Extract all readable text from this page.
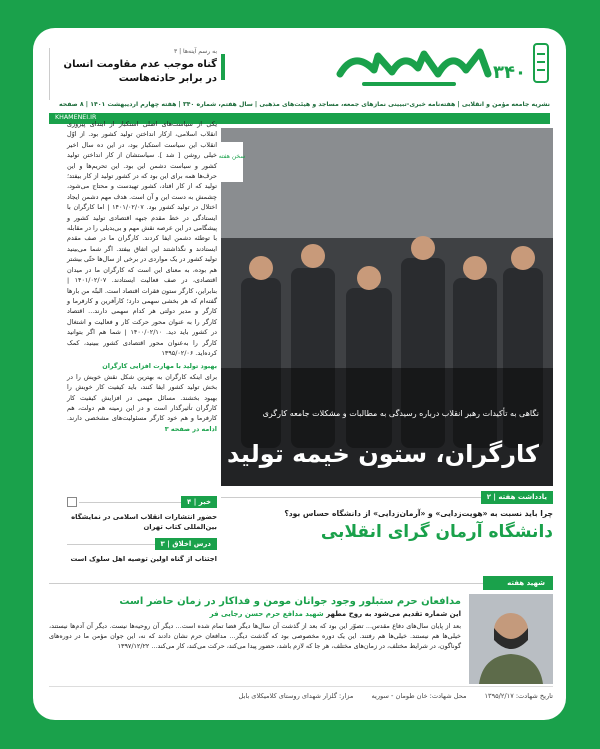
۳۴۰
به رسم آینه‌ها | ۳
گناه موجب عدم مقاومت انسان در برابر حادثه‌هاست
نشریه جامعه مؤمن و انقلابی | هفته‌نامه خبری-تبیینی نمازهای جمعه، مساجد و هیئت‌های مذهبی | سال هفتم، شماره ۳۴۰ | هفته چهارم اردیبهشت ۱۴۰۱ | ۸ صفحه
KHAMENEI.IR
نگاهی به تأکیدات رهبر انقلاب درباره رسیدگی به مطالبات و مشکلات جامعه کارگری
کارگران، ستون خیمه تولید
سخن هفته
یکی از سیاست‌های اصلی استکبار از ابتدای پیروزی انقلاب اسلامی، ازکار انداختن تولید کشور بود. از اوّل انقلاب این سیاست استکبار بود، در این ده سال اخیر خیلی روشن [ شد ]. سیاستشان از کار انداختن تولید کشور و سیاست دشمن این بود. این تحریم‌ها و این حرف‌ها همه برای این بود که در کشور تولید از کار بیفتد؛ تولید که از کار افتاد، کشور تهیدست و محتاج می‌شود، چشمش به دست این و آن است. هدف مهم دشمن ایجاد اختلال در تولید کشور بود. ۱۴۰۱/۰۲/۰۷ | اما کارگران با ایستادگی در خط مقدم جبهه اقتصادی تولید کشور و پیشگامی در این عرصه نقش مهم و بی‌بدیلی را در مقابله با توطئه دشمن ایفا کردند. کارگران ما در صف مقدم ایستادند و نگذاشتند این اتفاق بیفتد. اگر شما می‌بینید تولید کشور در یک مواردی در برخی از سال‌ها حتّی بیشتر هم بوده، به معنای این است که کارگران ما در میدان اقتصادی، در صف فعالیت ایستادند. ۱۴۰۱/۰۲/۰۷ | بنابراین، کارگر ستون فقرات اقتصاد است. البتّه من بارها گفته‌ام که هر بخشی سهمی دارد؛ کارآفرین و کارفرما و کارگر و مدیر دولتی هر کدام سهمی دارند... اقتصاد کارگر را به عنوان محور حرکت کار و فعالیت و اشتغال در کشور باید دید. ۱۴۰۰/۰۲/۱۰ | شما هم اگر بتوانید کارگر را به‌عنوان محور اقتصادی کشور ببینید، کمک کرده‌اید. ۱۳۹۵/۰۲/۰۶
بهبود تولید با مهارت افزایی کارگران
برای اینکه کارگران به بهترین شکل نقش خویش را در بخش تولید کشور ایفا کنند، باید کیفیت کار خویش را بهبود بخشند. مسائل مهمی در افزایش کیفیت کار کارگران تأثیرگذار است و در این زمینه هم دولت، هم کارفرما و هم خود کارگر مسئولیت‌های مشخصی دارند. ادامه در صفحه ۳
خبر | ۴
حضور انتشارات انقلاب اسلامی در نمایشگاه بین‌المللی کتاب تهران
درس اخلاق | ۳
اجتناب از گناه اولین توصیه اهل سلوک است
یادداشت هفته | ۲
چرا باید نسبت به «هویت‌زدایی» و «آرمان‌زدایی» از دانشگاه حساس بود؟
دانشگاه آرمان گرای انقلابی
شهید هفته
مدافعان حرم ستبلور وجود جوانان مومن و فداکار در زمان حاضر است
این شماره تقدیم می‌شود به روح مطهر شهید مدافع حرم حسن رجایی فر
بعد از پایان سال‌های دفاع مقدس... تصوّر این بود که بعد از گذشت آن سال‌ها دیگر فضا تمام شده است... دیگر آن روحیه‌ها نیست. دیگر آن آدم‌ها نیستند، خیلی‌ها هم نیستند. خیلی‌ها هم رفتند. این یک دوره مخصوصی بود که گذشت دیگر... مدافعان حرم نشان دادند که نه، این جوان مؤمن ما در دوره‌های گوناگون، در شرایط مختلف، در زمان‌های مختلف، هر جا که لازم باشد، حضور پیدا می‌کند، حرکت می‌کند، کار می‌کند... ۱۳۹۷/۱۲/۲۲
تاریخ شهادت: ۱۳۹۵/۲/۱۷
محل شهادت: خان طومان - سوریه
مزار: گلزار شهدای روستای کلامیکلای بابل
